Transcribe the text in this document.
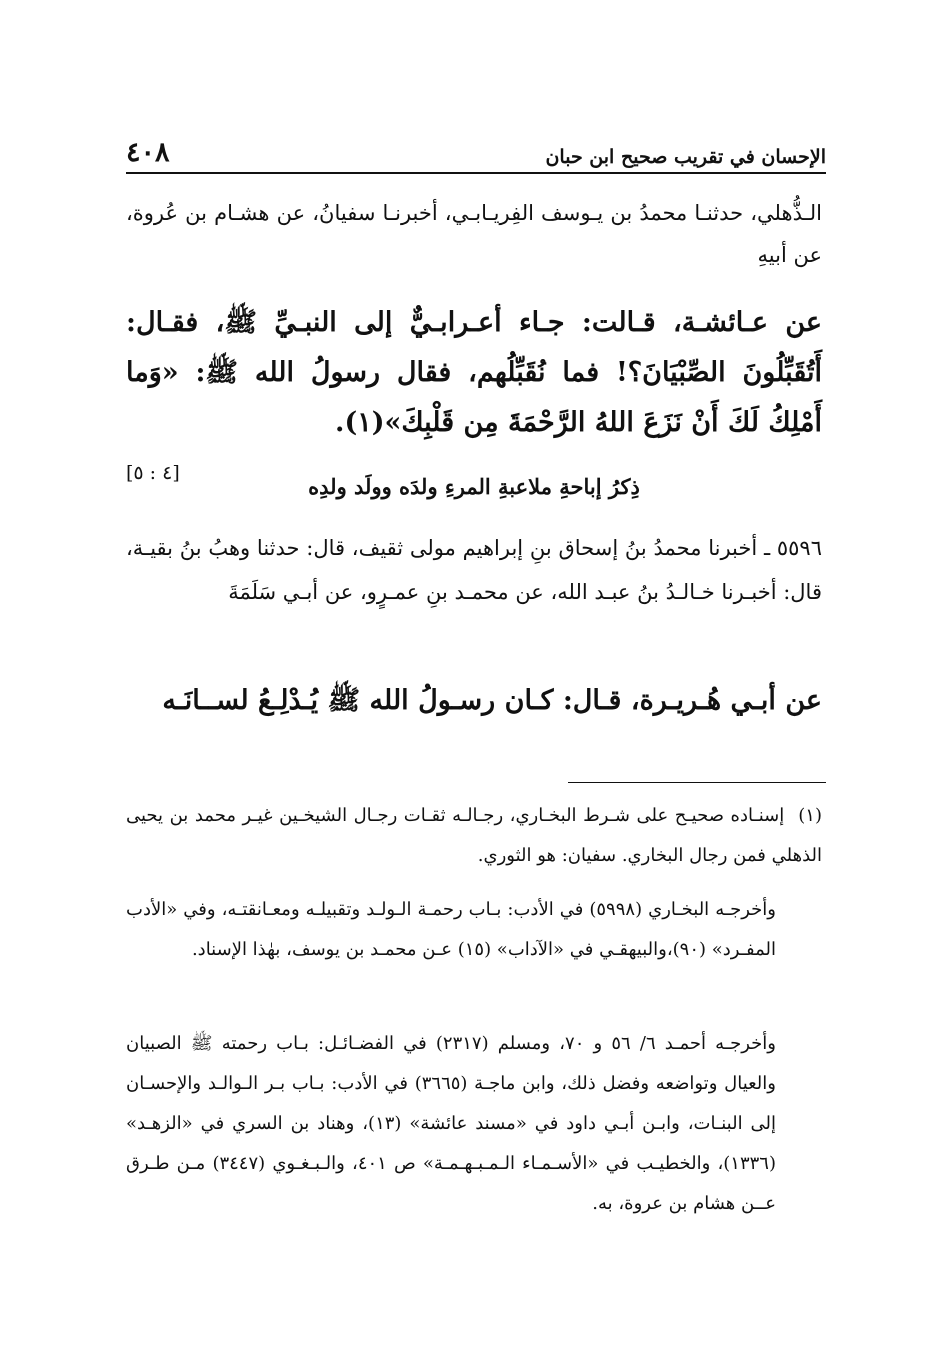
الإحسان في تقريب صحيح ابن حبان
٤٠٨
الـذُّهلي، حدثنـا محمدُ بن يـوسف الفِريـابـي، أخبرنـا سفيانُ، عن هشـام بن عُروة، عن أبيهِ
عن عـائشـة، قـالت: جـاء أعـرابـيٌّ إلى النبـيِّ ﷺ، فقـال: أَتُقَبِّلُونَ الصِّبْيَانَ؟! فما نُقَبِّلُهم، فقال رسولُ الله ﷺ: «وَما أَمْلِكُ لَكَ أَنْ نَزَعَ اللهُ الرَّحْمَةَ مِن قَلْبِكَ»(١).
[٤ : ٥]
ذِكرُ إباحةِ ملاعبةِ المرءِ ولدَه وولَد ولدِه
٥٥٩٦ ـ أخبرنا محمدُ بنُ إسحاق بنِ إبراهيم مولى ثقيف، قال: حدثنا وهبُ بنُ بقيـة، قال: أخبـرنا خـالـدُ بنُ عبـد الله، عن محمـد بنِ عمـرٍو، عن أبـي سَلَمَةَ
عن أبـي هُـريـرة، قـال: كـان رسـولُ الله ﷺ يُـدْلِـعُ لســانَـه
(١)إسنـاده صحيـح على شـرط البخـاري، رجـالـه ثقـات رجـال الشيخـين غيـر محمد بن يحيى الذهلي فمن رجال البخاري. سفيان: هو الثوري.
وأخرجـه البخـاري (٥٩٩٨) في الأدب: بـاب رحمـة الـولـد وتقبيلـه ومعـانقتـه، وفي «الأدب المفـرد» (٩٠)،والبيهقـي في «الآداب» (١٥) عـن محمـد بن يوسف، بهٰذا الإسناد.
وأخرجـه أحمـد ٦/ ٥٦ و ٧٠، ومسلم (٢٣١٧) في الفضـائـل: بـاب رحمته ﷺ الصبيان والعيال وتواضعه وفضل ذلك، وابن ماجـة (٣٦٦٥) في الأدب: بـاب بـر الـوالـد والإحسـان إلى البنـات، وابـن أبـي داود في «مسند عائشة» (١٣)، وهناد بن السري في «الزهـد» (١٣٣٦)، والخطيـب في «الأسـمـاء الـمـبـهـمـة» ص ٤٠١، والـبـغـوي (٣٤٤٧) مـن طـرق عــن هشام بن عروة، به.
